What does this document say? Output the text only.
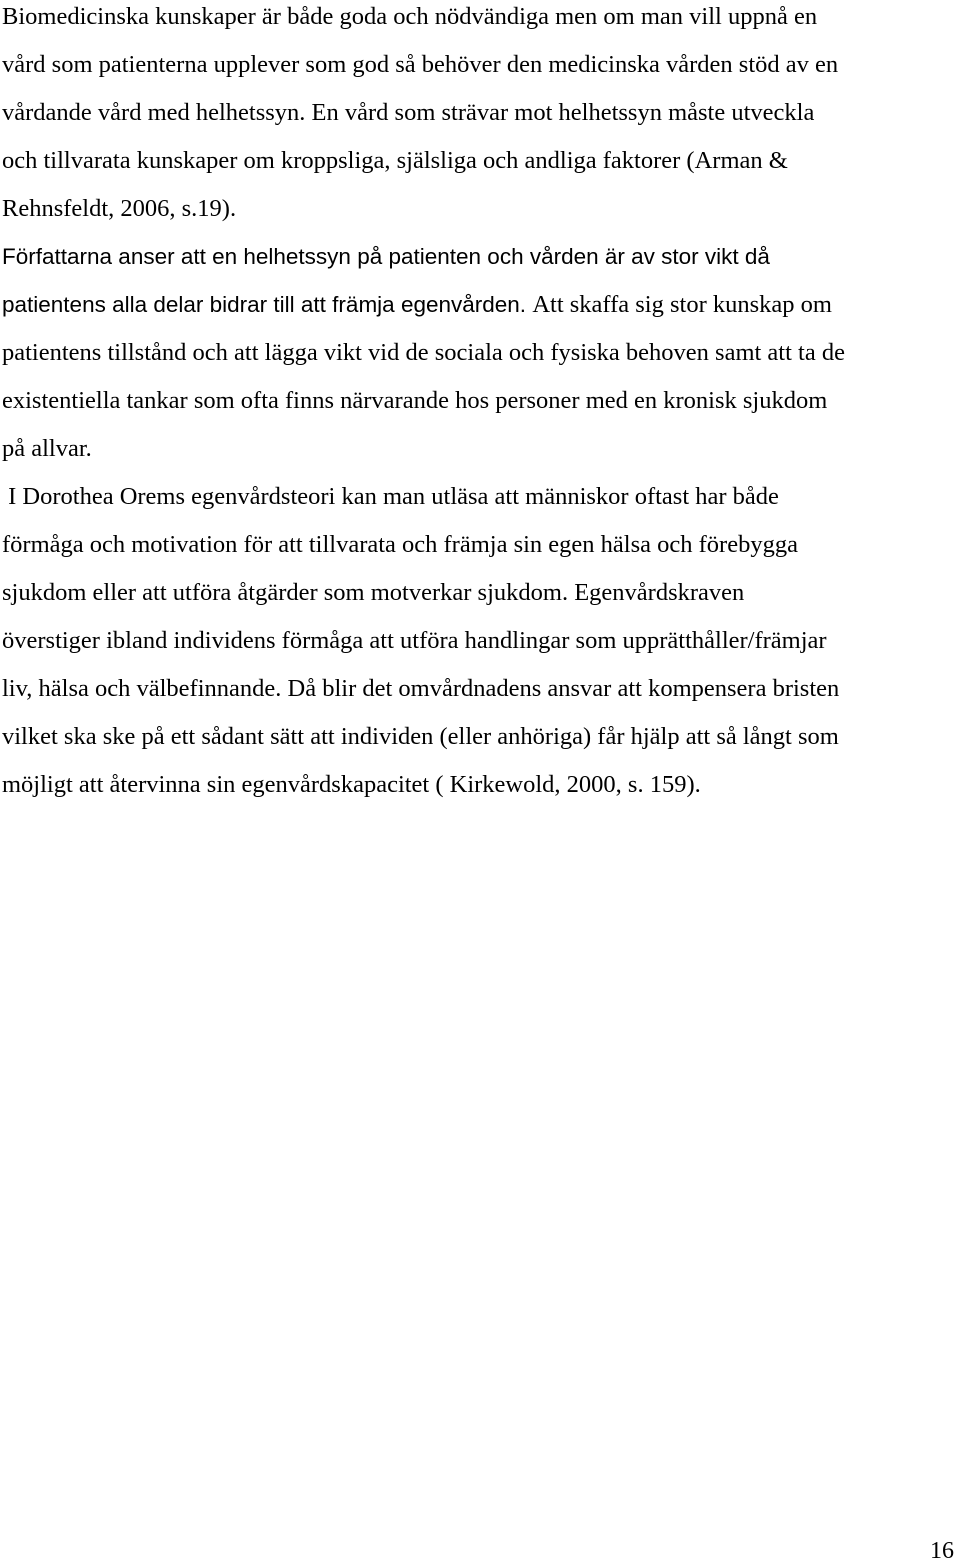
Biomedicinska kunskaper är både goda och nödvändiga men om man vill uppnå en
vård som patienterna upplever som god så behöver den medicinska vården stöd av en
vårdande vård med helhetssyn. En vård som strävar mot helhetssyn måste utveckla
och tillvarata kunskaper om kroppsliga, själsliga och andliga faktorer (Arman &
Rehnsfeldt, 2006, s.19).
Författarna anser att en helhetssyn på patienten och vården är av stor vikt då
patientens alla delar bidrar till att främja egenvården. Att skaffa sig stor kunskap om
patientens tillstånd och att lägga vikt vid de sociala och fysiska behoven samt att ta de
existentiella tankar som ofta finns närvarande hos personer med en kronisk sjukdom
på allvar.
I Dorothea Orems egenvårdsteori kan man utläsa att människor oftast har både
förmåga och motivation för att tillvarata och främja sin egen hälsa och förebygga
sjukdom eller att utföra åtgärder som motverkar sjukdom. Egenvårdskraven
överstiger ibland individens förmåga att utföra handlingar som upprätthåller/främjar
liv, hälsa och välbefinnande. Då blir det omvårdnadens ansvar att kompensera bristen
vilket ska ske på ett sådant sätt att individen (eller anhöriga) får hjälp att så långt som
möjligt att återvinna sin egenvårdskapacitet ( Kirkewold, 2000, s. 159).
16
